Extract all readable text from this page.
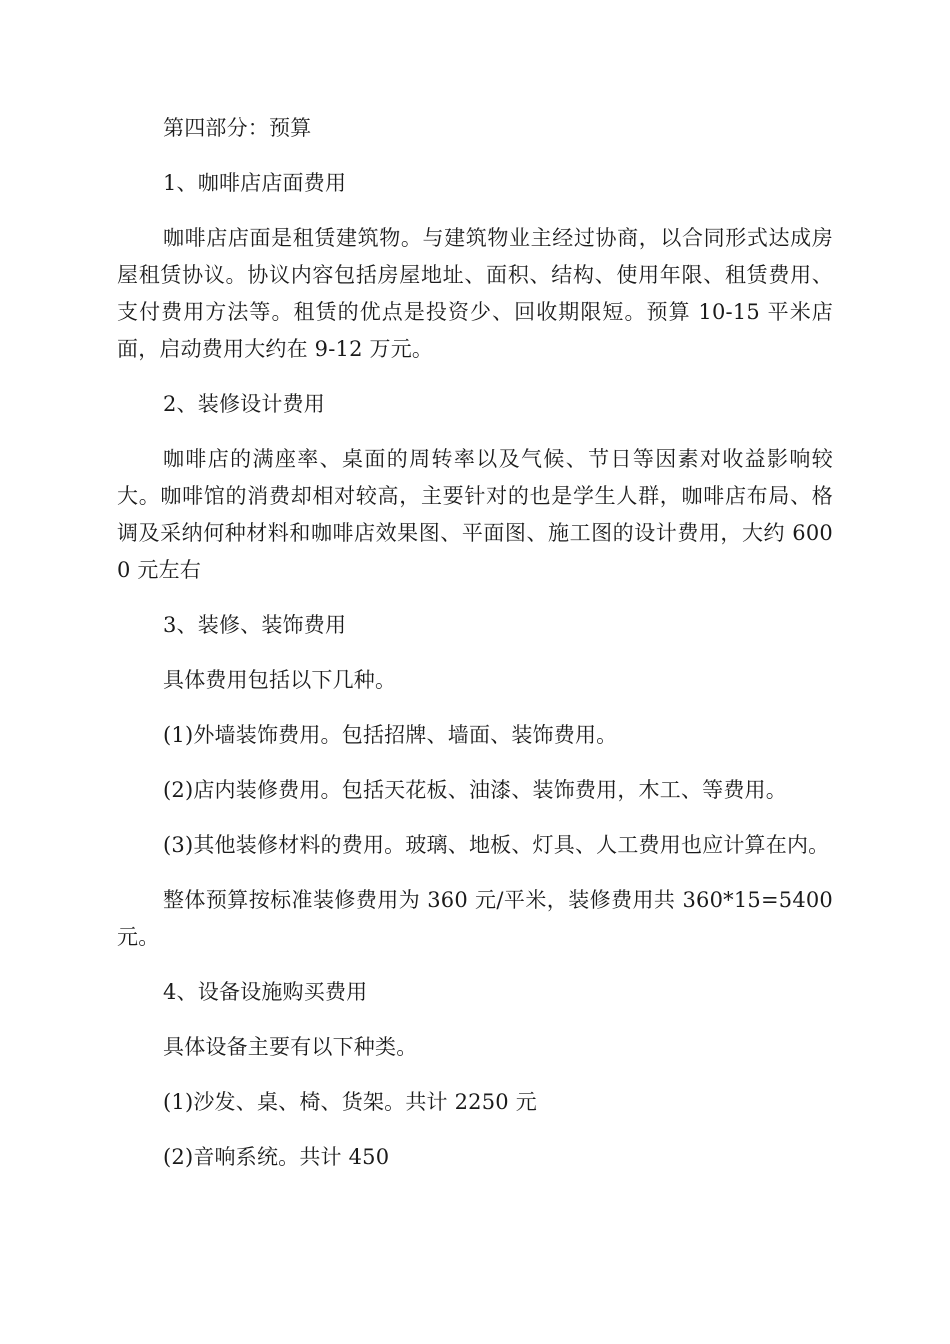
第四部分：预算

1、咖啡店店面费用

咖啡店店面是租赁建筑物。与建筑物业主经过协商，以合同形式达成房屋租赁协议。协议内容包括房屋地址、面积、结构、使用年限、租赁费用、支付费用方法等。租赁的优点是投资少、回收期限短。预算 10-15 平米店面，启动费用大约在 9-12 万元。

2、装修设计费用

咖啡店的满座率、桌面的周转率以及气候、节日等因素对收益影响较大。咖啡馆的消费却相对较高，主要针对的也是学生人群，咖啡店布局、格调及采纳何种材料和咖啡店效果图、平面图、施工图的设计费用，大约 6000 元左右

3、装修、装饰费用

具体费用包括以下几种。

(1)外墙装饰费用。包括招牌、墙面、装饰费用。

(2)店内装修费用。包括天花板、油漆、装饰费用，木工、等费用。

(3)其他装修材料的费用。玻璃、地板、灯具、人工费用也应计算在内。

整体预算按标准装修费用为 360 元/平米，装修费用共 360*15=5400 元。

4、设备设施购买费用

具体设备主要有以下种类。

(1)沙发、桌、椅、货架。共计 2250 元

(2)音响系统。共计 450
